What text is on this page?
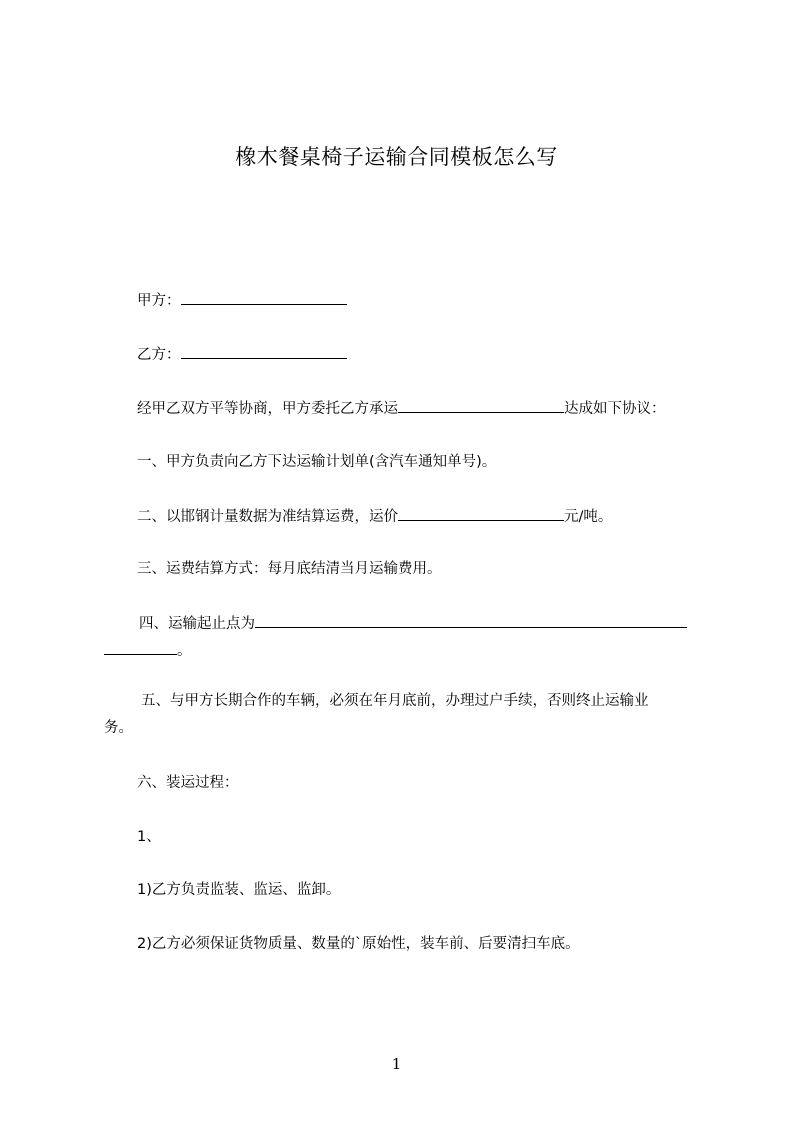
橡木餐桌椅子运输合同模板怎么写
甲方：
乙方：
经甲乙双方平等协商，甲方委托乙方承运	达成如下协议：
一、甲方负责向乙方下达运输计划单(含汽车通知单号)。
二、以邯钢计量数据为准结算运费，运价	元/吨。
三、运费结算方式：每月底结清当月运输费用。
四、运输起止点为
。
五、与甲方长期合作的车辆，必须在年月底前，办理过户手续，否则终止运输业
务。
六、装运过程：
1、
1)乙方负责监装、监运、监卸。
2)乙方必须保证货物质量、数量的`原始性，装车前、后要清扫车底。
1
